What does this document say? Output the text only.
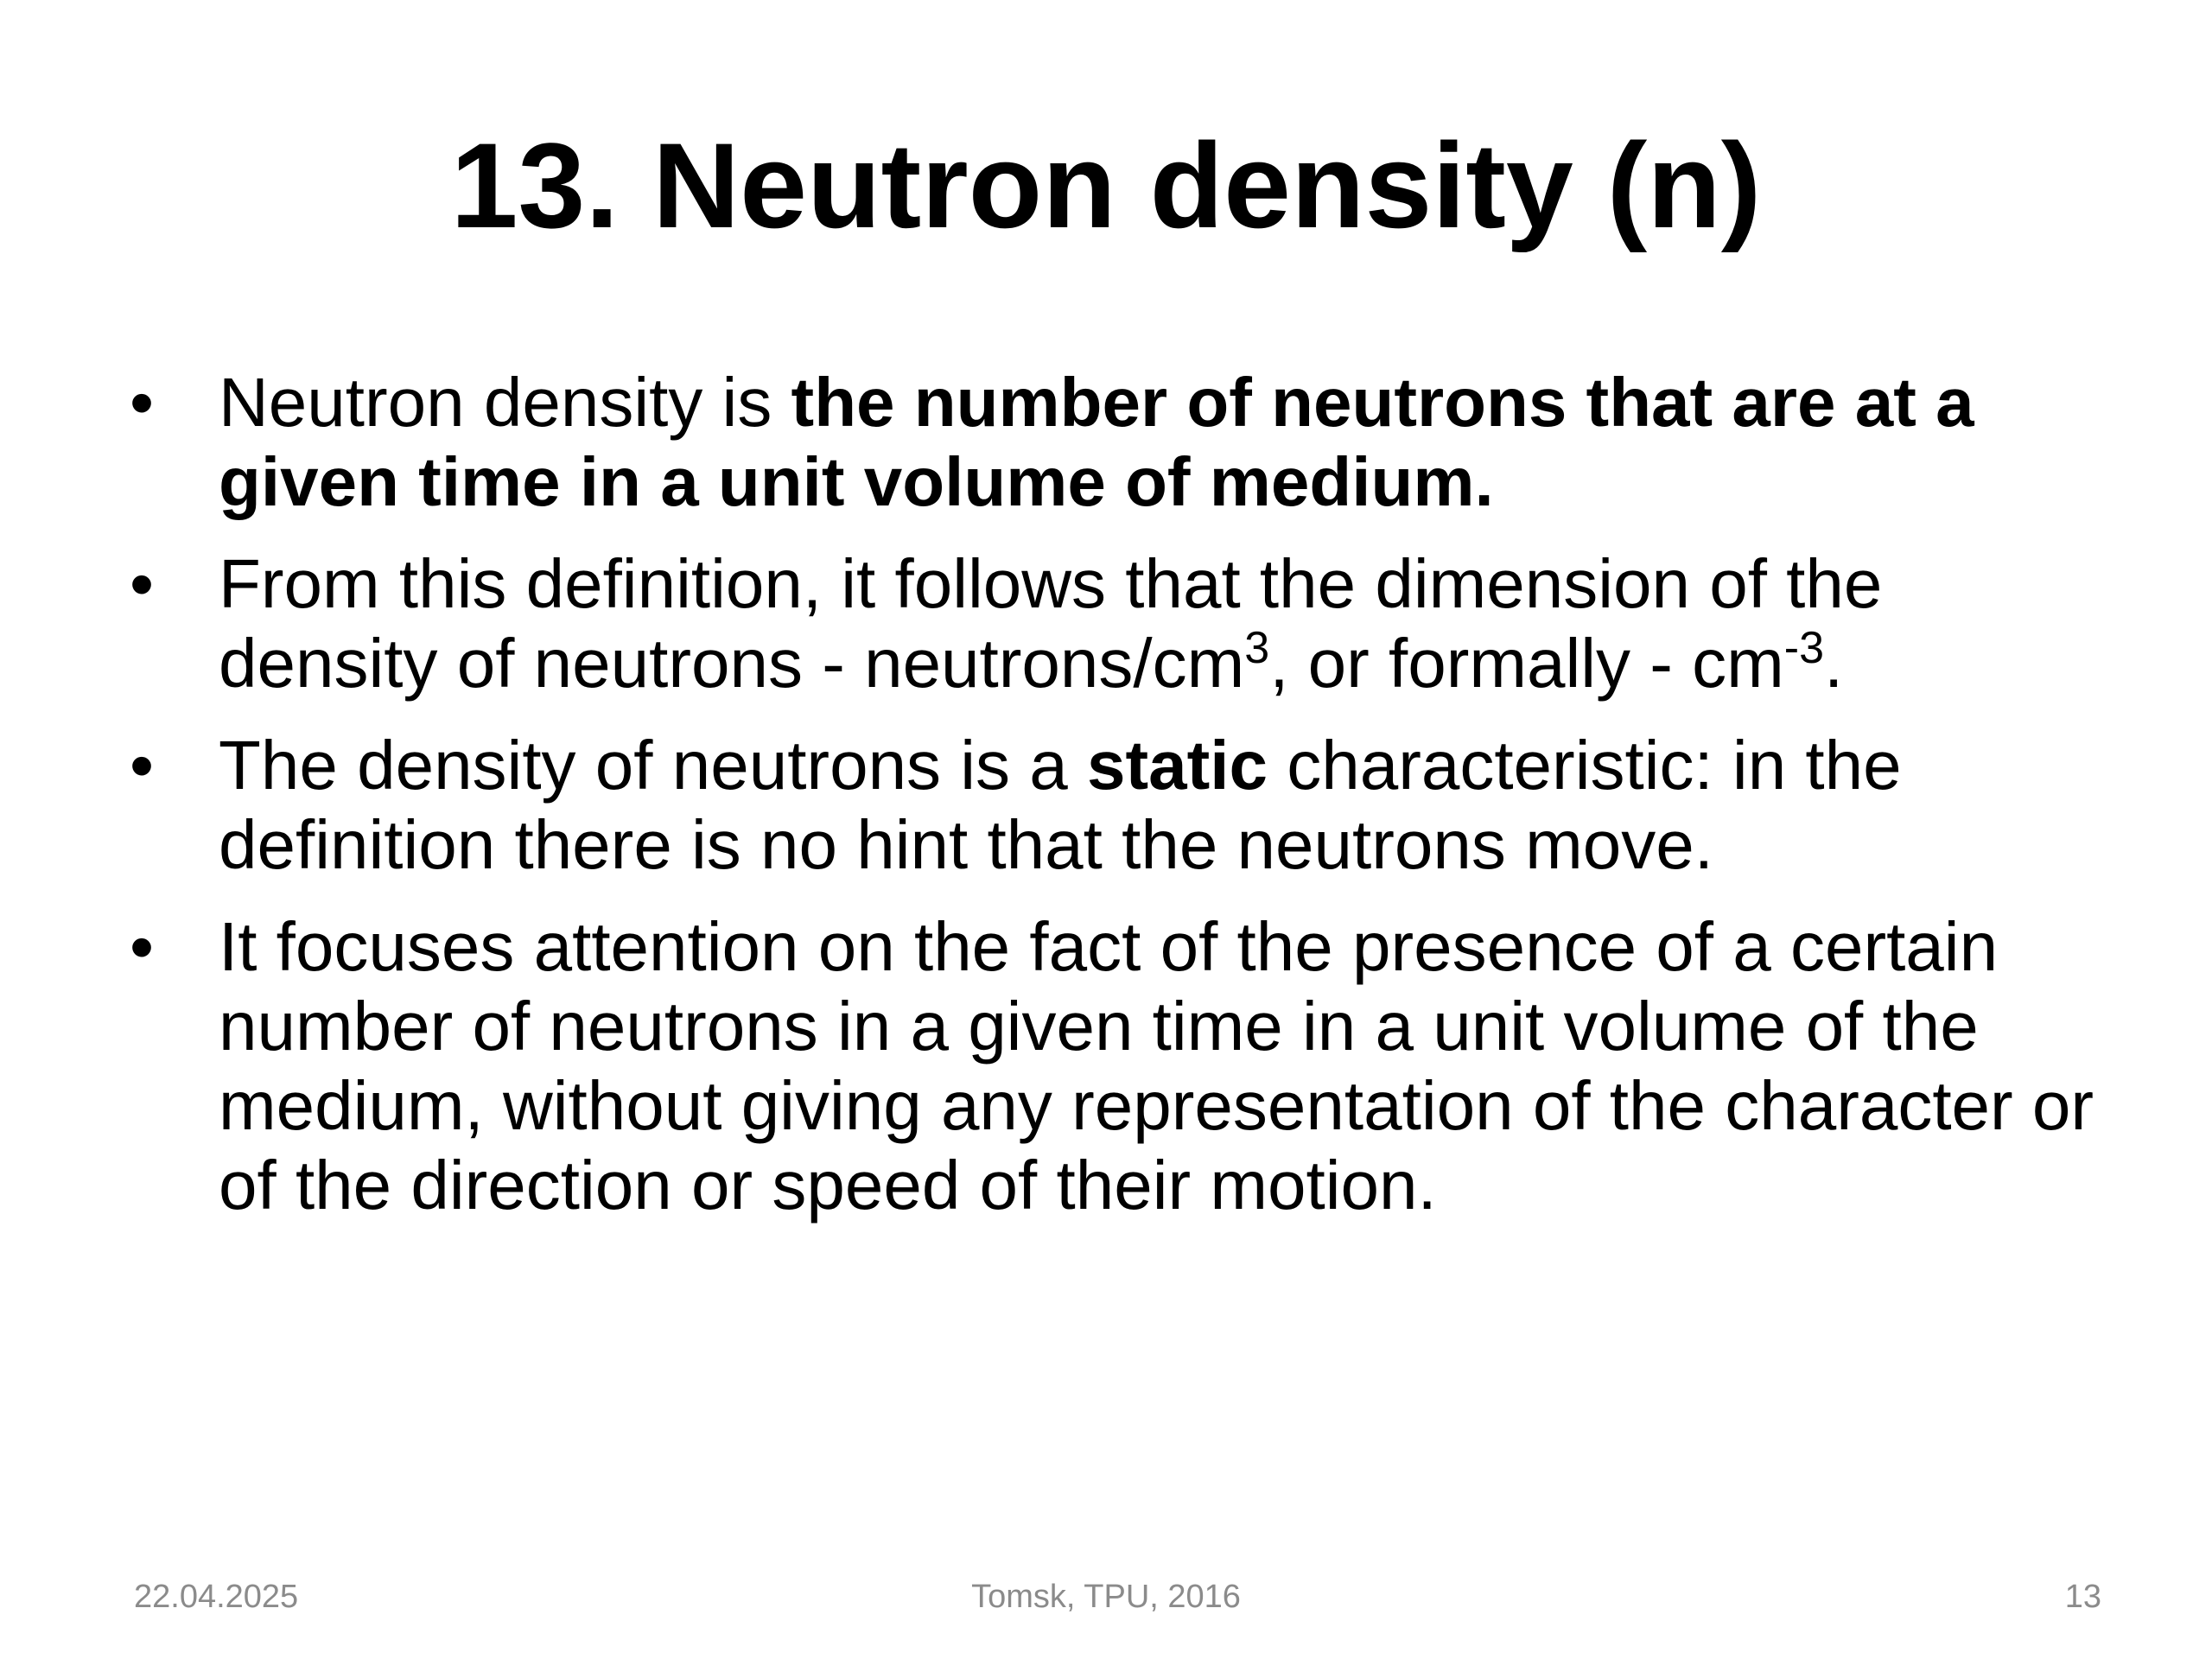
13. Neutron density (n)
• Neutron density is the number of neutrons that are at a given time in a unit volume of medium.
• From this definition, it follows that the dimension of the density of neutrons - neutrons/$cm^3$, or formally - $cm^{-3}$.
• The density of neutrons is a static characteristic: in the definition there is no hint that the neutrons move.
• It focuses attention on the fact of the presence of a certain number of neutrons in a given time in a unit volume of the medium, without giving any representation of the character or of the direction or speed of their motion.
22.04.2025	Tomsk, TPU, 2016	13
